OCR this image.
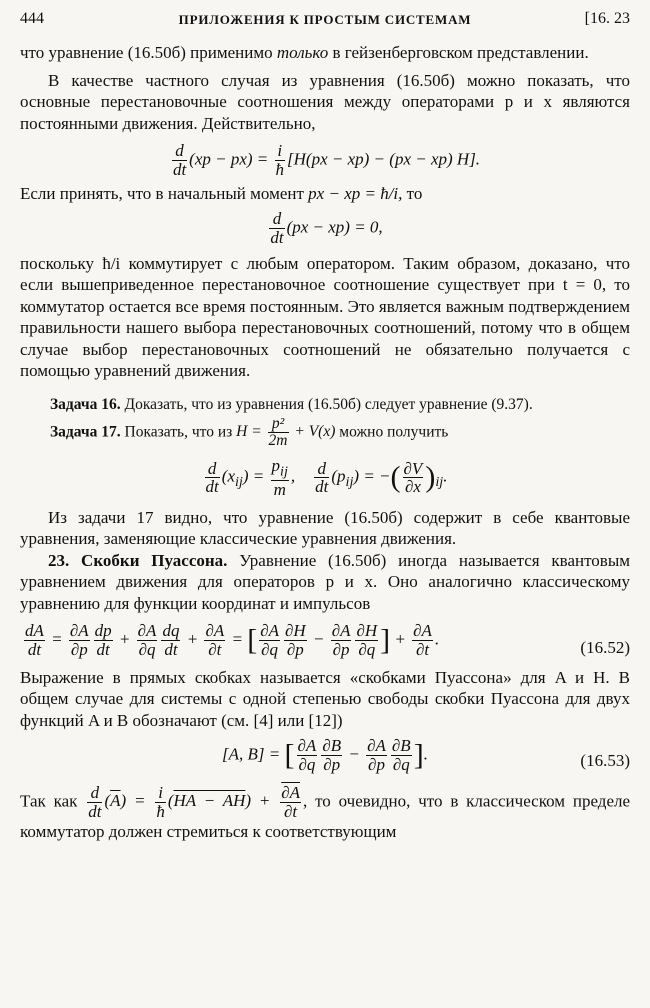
444	ПРИЛОЖЕНИЯ К ПРОСТЫМ СИСТЕМАМ	[16. 23

что уравнение (16.50б) применимо только в гейзенберговском представлении.

В качестве частного случая из уравнения (16.50б) можно показать, что основные перестановочные соотношения между операторами p и x являются постоянными движения. Действительно,

$\frac{d}{dt} (xp - px) = \frac{i}{ħ} [H(px - xp) - (px - xp)$ H].

Если принять, что в начальный момент px − xp = ħ/i, то

$\frac{d}{dt} (px - xp) = 0$,

поскольку ħ/i коммутирует с любым оператором. Таким образом, доказано, что если вышеприведенное перестановочное соотношение существует при t = 0, то коммутатор остается все время постоянным. Это является важным подтверждением правильности нашего выбора перестановочных соотношений, потому что в общем случае выбор перестановочных соотношений не обязательно получается с помощью уравнений движения.

Задача 16. Доказать, что из уравнения (16.50б) следует уравнение (9.37).

Задача 17. Показать, что из $H = \frac{\text{p²}}{2m} + V(x)$ можно получить

$\frac{d}{dt} (x_{ij}) = \frac{p_{ij}}{m}$ , $\frac{d}{dt} (p_{ij})$ = −( $\frac{\partial V}{\partial x} )_{ij}$.

Из задачи 17 видно, что уравнение (16.50б) содержит в себе квантовые уравнения, заменяющие классические уравнения движения.

23. Скобки Пуассона. Уравнение (16.50б) иногда называется квантовым уравнением движения для операторов p и x. Оно аналогично классическому уравнению для функции координат и импульсов

$\frac{dA}{dt} = \frac{\partial A}{\partial p} \frac{dp}{dt} + \frac{\partial A}{\partial q} \frac{dq}{dt} + \frac{\partial A}{\partial t}$ = [ $\frac{\partial A}{\partial q} \frac{\partial H}{\partial p} - \frac{\partial A}{\partial p} \frac{\partial H}{\partial q}$ ] + $\frac{\partial A}{\partial t}$ .	(16.52)

Выражение в прямых скобках называется «скобками Пуассона» для A и H. В общем случае для системы с одной степенью свободы скобки Пуассона для двух функций A и B обозначают (см. [4] или [12])

[A, B] = [ $\frac{\partial A}{\partial q} \frac{\partial B}{\partial p} - \frac{\partial A}{\partial p} \frac{\partial B}{\partial q}$ ].	(16.53)

Так как $\frac{d}{dt} (\overline{A}) = \frac{i}{ħ} (HA - AH) + \frac{\partial A}{\partial t}$ , то очевидно, что в классическом пределе коммутатор должен стремиться к соответствующим
